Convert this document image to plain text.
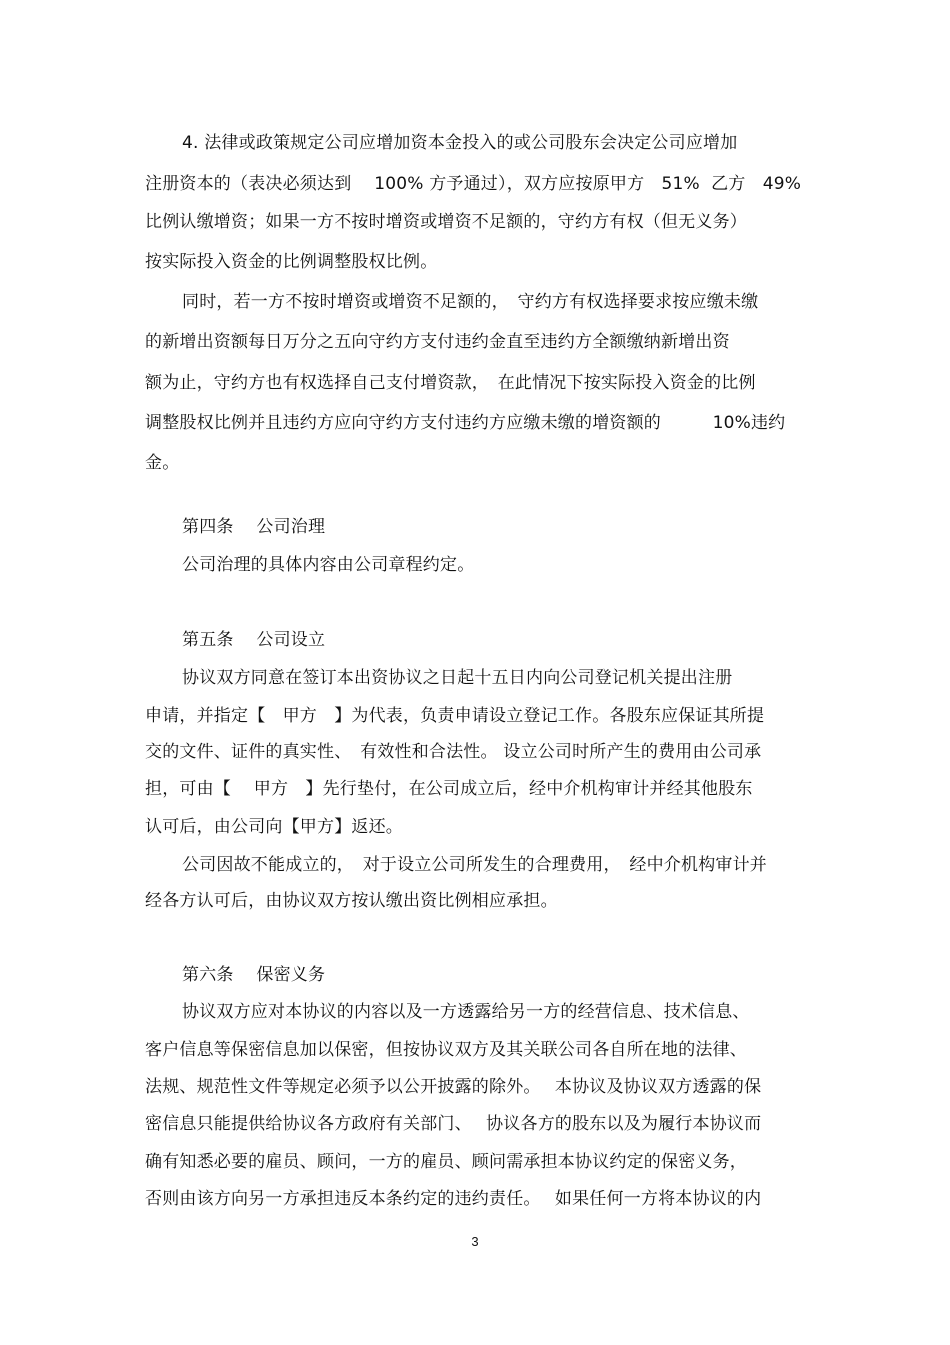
4. 法律或政策规定公司应增加资本金投入的或公司股东会决定公司应增加
注册资本的（表决必须达到　 100% 方予通过），双方应按原甲方　51%  乙方　49%
比例认缴增资；如果一方不按时增资或增资不足额的，守约方有权（但无义务）
按实际投入资金的比例调整股权比例。
同时，若一方不按时增资或增资不足额的，　守约方有权选择要求按应缴未缴
的新增出资额每日万分之五向守约方支付违约金直至违约方全额缴纳新增出资
额为止，守约方也有权选择自己支付增资款，　在此情况下按实际投入资金的比例
调整股权比例并且违约方应向守约方支付违约方应缴未缴的增资额的　　　10%违约
金。
第四条　 公司治理
公司治理的具体内容由公司章程约定。
第五条　 公司设立
协议双方同意在签订本出资协议之日起十五日内向公司登记机关提出注册
申请，并指定【　甲方　】为代表，负责申请设立登记工作。各股东应保证其所提
交的文件、证件的真实性、　有效性和合法性。 设立公司时所产生的费用由公司承
担，可由【　 甲方　】先行垫付，在公司成立后，经中介机构审计并经其他股东
认可后，由公司向【甲方】返还。
公司因故不能成立的，　对于设立公司所发生的合理费用，　经中介机构审计并
经各方认可后，由协议双方按认缴出资比例相应承担。
第六条　 保密义务
协议双方应对本协议的内容以及一方透露给另一方的经营信息、技术信息、
客户信息等保密信息加以保密，但按协议双方及其关联公司各自所在地的法律、
法规、规范性文件等规定必须予以公开披露的除外。　 本协议及协议双方透露的保
密信息只能提供给协议各方政府有关部门、　 协议各方的股东以及为履行本协议而
确有知悉必要的雇员、顾问，一方的雇员、顾问需承担本协议约定的保密义务，
否则由该方向另一方承担违反本条约定的违约责任。　 如果任何一方将本协议的内
3
